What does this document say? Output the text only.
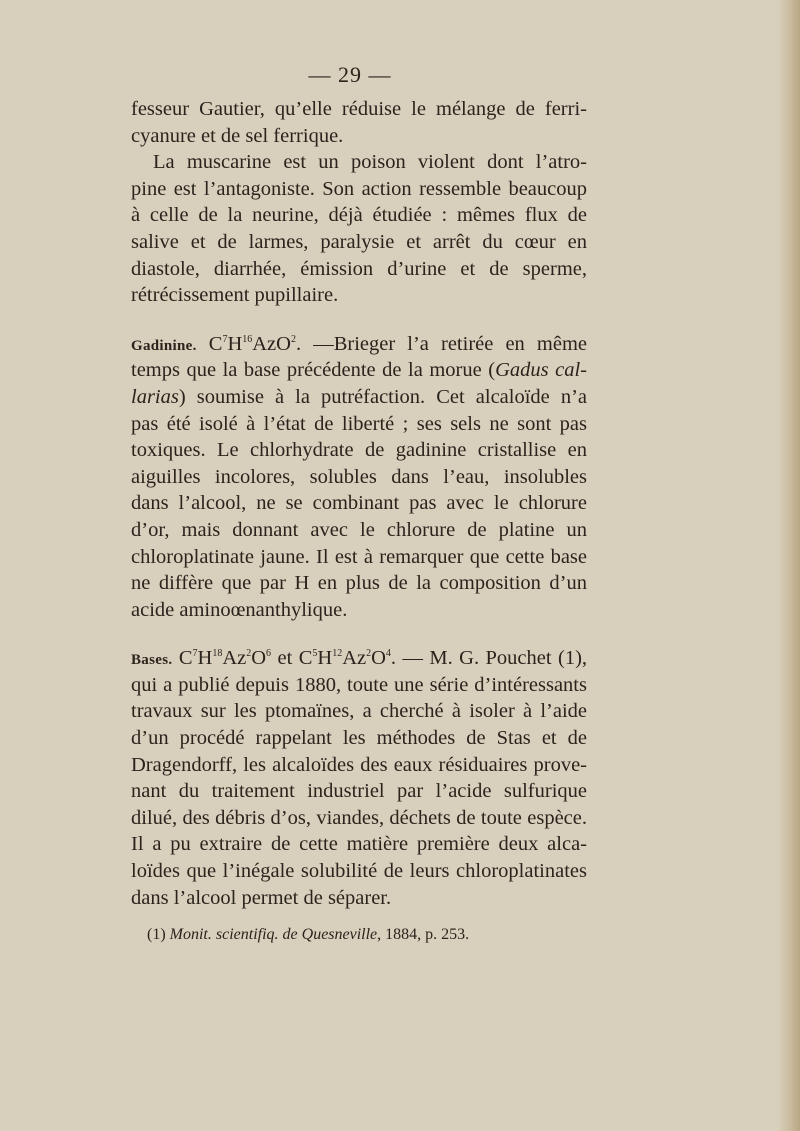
— 29 —
fesseur Gautier, qu’elle réduise le mélange de ferri-
cyanure et de sel ferrique.
La muscarine est un poison violent dont l’atro-
pine est l’antagoniste. Son action ressemble beaucoup
à celle de la neurine, déjà étudiée : mêmes flux de
salive et de larmes, paralysie et arrêt du cœur en
diastole, diarrhée, émission d’urine et de sperme,
rétrécissement pupillaire.
Gadinine. $C^7H^{16}AzO^2$. —Brieger l’a retirée en même
temps que la base précédente de la morue (Gadus cal-
larias) soumise à la putréfaction. Cet alcaloïde n’a
pas été isolé à l’état de liberté ; ses sels ne sont pas
toxiques. Le chlorhydrate de gadinine cristallise en
aiguilles incolores, solubles dans l’eau, insolubles
dans l’alcool, ne se combinant pas avec le chlorure
d’or, mais donnant avec le chlorure de platine un
chloroplatinate jaune. Il est à remarquer que cette base
ne diffère que par H en plus de la composition d’un
acide aminoœnanthylique.
Bases. $C^7H^{18}Az^2O^6$ et $C^5H^{12}Az^2O^4$. — M. G. Pouchet (1),
qui a publié depuis 1880, toute une série d’intéressants
travaux sur les ptomaïnes, a cherché à isoler à l’aide
d’un procédé rappelant les méthodes de Stas et de
Dragendorff, les alcaloïdes des eaux résiduaires prove-
nant du traitement industriel par l’acide sulfurique
dilué, des débris d’os, viandes, déchets de toute espèce.
Il a pu extraire de cette matière première deux alca-
loïdes que l’inégale solubilité de leurs chloroplatinates
dans l’alcool permet de séparer.
(1) Monit. scientifiq. de Quesneville, 1884, p. 253.
